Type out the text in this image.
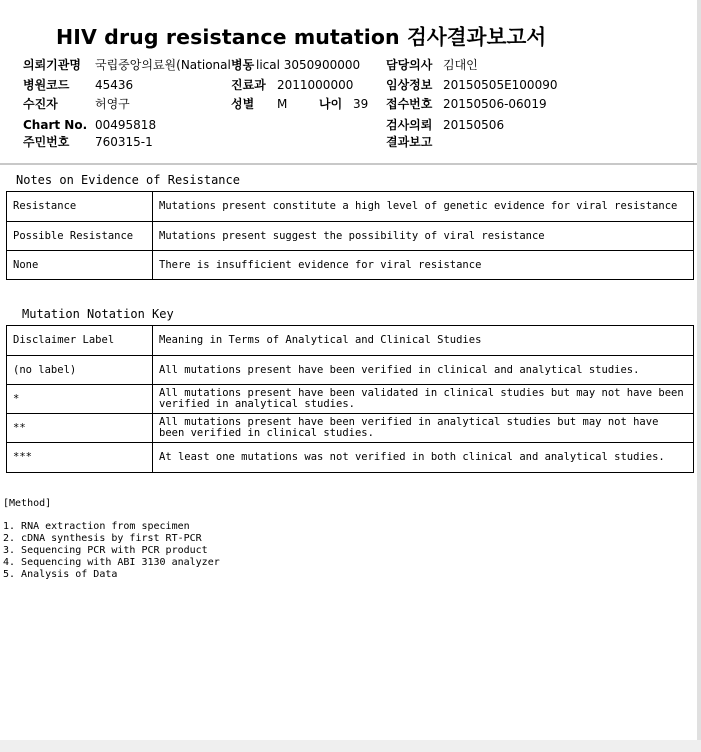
HIV drug resistance mutation 검사결과보고서
의뢰기관명 국립중앙의료원(National 병동 lical 3050900000 담당의사 김대인
병원코드 45436	진료과 2011000000	임상정보 20150505E100090
수진자	허영구	성별 M	나이 39 접수번호 20150506-06019
Chart No. 00495818	검사의뢰 20150506
주민번호 760315-1	결과보고
Notes on Evidence of Resistance
Resistance	Mutations present constitute a high level of genetic evidence for viral resistance
Possible Resistance	Mutations present suggest the possibility of viral resistance
None	There is insufficient evidence for viral resistance
Mutation Notation Key
Disclaimer Label	Meaning in Terms of Analytical and Clinical Studies
(no label)	All mutations present have been verified in clinical and analytical studies.
*	All mutations present have been validated in clinical studies but may not have been verified in analytical studies.
**	All mutations present have been verified in analytical studies but may not have been verified in clinical studies.
***	At least one mutations was not verified in both clinical and analytical studies.
[Method]
1. RNA extraction from specimen
2. cDNA synthesis by first RT-PCR
3. Sequencing PCR with PCR product
4. Sequencing with ABI 3130 analyzer
5. Analysis of Data
